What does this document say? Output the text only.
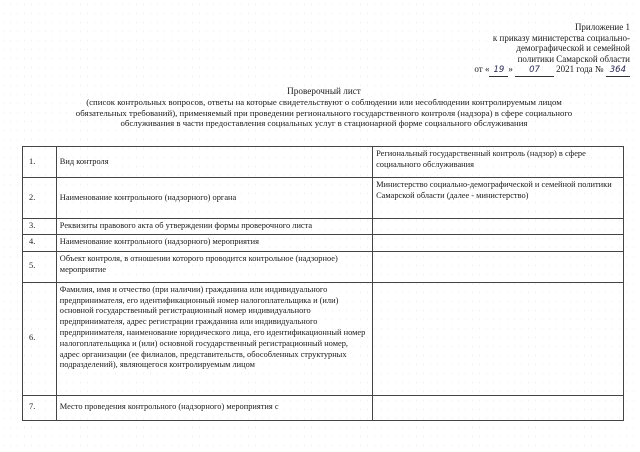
Приложение 1
к приказу министерства социально-
демографической и семейной
политики Самарской области
от « 19 » 07 2021 года № 364
Проверочный лист
(список контрольных вопросов, ответы на которые свидетельствуют о соблюдении или несоблюдении контролируемым лицом
обязательных требований), применяемый при проведении регионального государственного контроля (надзора) в сфере социального
обслуживания в части предоставления социальных услуг в стационарной форме социального обслуживания
1.	Вид контроля	Региональный государственный контроль (надзор) в сфере социального обслуживания
2.	Наименование контрольного (надзорного) органа	Министерство социально-демографической и семейной политики Самарской области (далее - министерство)
3.	Реквизиты правового акта об утверждении формы проверочного листа	
4.	Наименование контрольного (надзорного) мероприятия	
5.	Объект контроля, в отношении которого проводится контрольное (надзорное) мероприятие	
6.	Фамилия, имя и отчество (при наличии) гражданина или индивидуального предпринимателя, его идентификационный номер налогоплательщика и (или) основной государственный регистрационный номер индивидуального предпринимателя, адрес регистрации гражданина или индивидуального предпринимателя, наименование юридического лица, его идентификационный номер налогоплательщика и (или) основной государственный регистрационный номер, адрес организации (ее филиалов, представительств, обособленных структурных подразделений), являющегося контролируемым лицом	
7.	Место проведения контрольного (надзорного) мероприятия с	
